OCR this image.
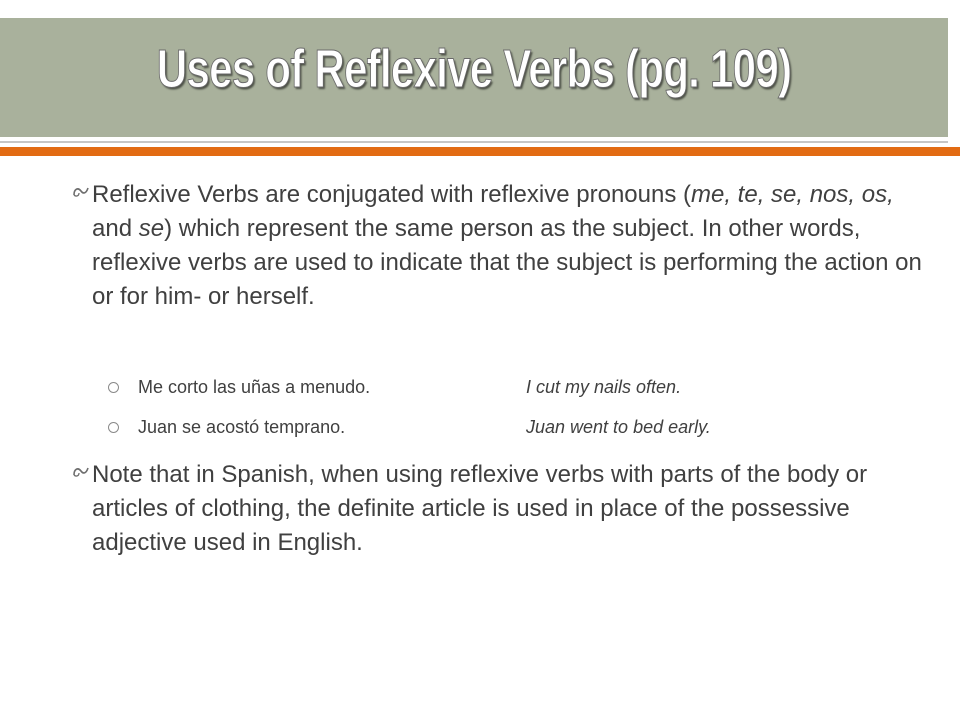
Uses of Reflexive Verbs (pg. 109)
Reflexive Verbs are conjugated with reflexive pronouns (me, te, se, nos, os, and se) which represent the same person as the subject. In other words, reflexive verbs are used to indicate that the subject is performing the action on or for him- or herself.
Me corto las uñas a menudo.	I cut my nails often.
Juan se acostó temprano.	Juan went to bed early.
Note that in Spanish, when using reflexive verbs with parts of the body or articles of clothing, the definite article is used in place of the possessive adjective used in English.
